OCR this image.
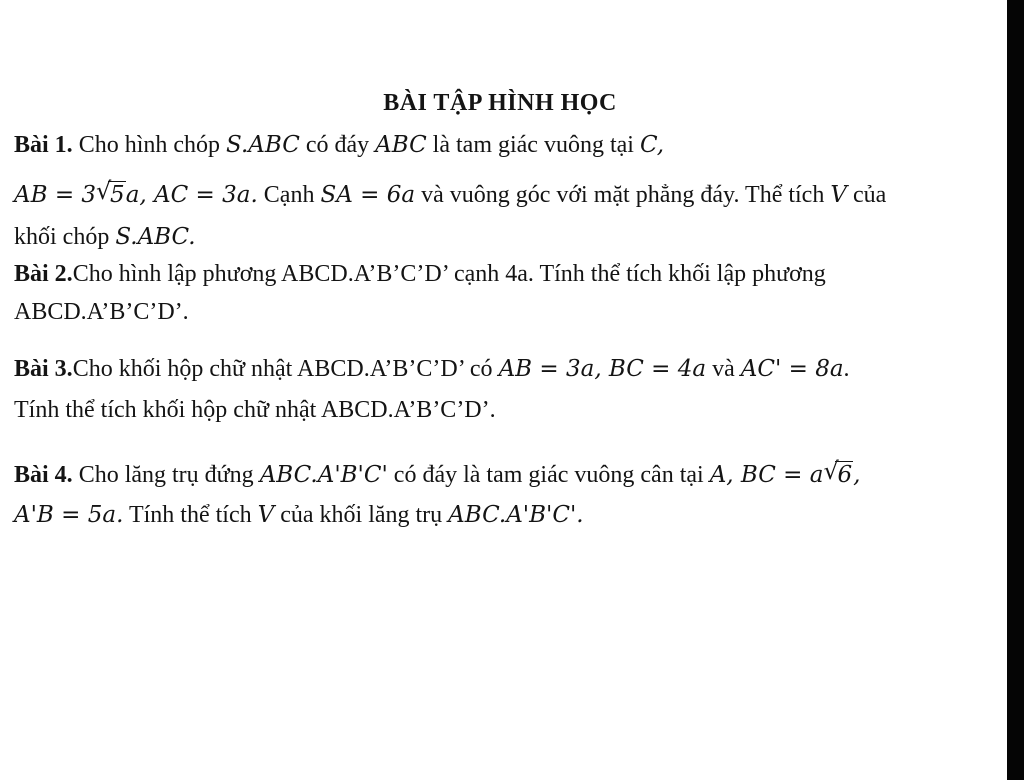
BÀI TẬP HÌNH HỌC
Bài 1. Cho hình chóp S.ABC có đáy ABC là tam giác vuông tại C,
AB = 3 √
5a, AC = 3a. Cạnh SA = 6a và vuông góc với mặt phẳng đáy. Thể tích V của
khối chóp S.ABC.
Bài 2.Cho hình lập phương ABCD.A’B’C’D’ cạnh 4a. Tính thể tích khối lập phương
ABCD.A’B’C’D’.
Bài 3.Cho khối hộp chữ nhật ABCD.A’B’C’D’ có AB = 3a, BC = 4a và AC' = 8a.
Tính thể tích khối hộp chữ nhật ABCD.A’B’C’D’.
Bài 4. Cho lăng trụ đứng ABC.A'B'C' có đáy là tam giác vuông cân tại A, BC = a √
6,
A'B = 5a. Tính thể tích V của khối lăng trụ ABC.A'B'C'.
